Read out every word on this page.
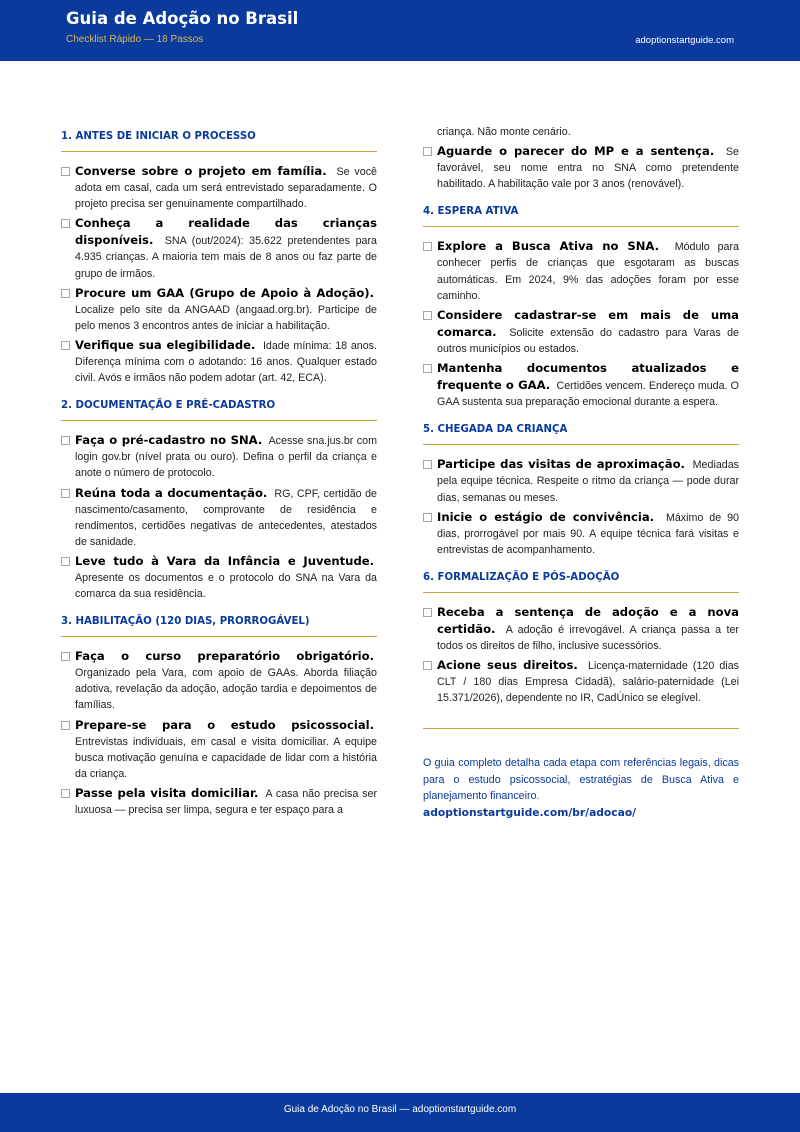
Guia de Adoção no Brasil
Checklist Rápido — 18 Passos	adoptionstartguide.com
1. ANTES DE INICIAR O PROCESSO
Converse sobre o projeto em família. Se você adota em casal, cada um será entrevistado separadamente. O projeto precisa ser genuinamente compartilhado.
Conheça a realidade das crianças disponíveis. SNA (out/2024): 35.622 pretendentes para 4.935 crianças. A maioria tem mais de 8 anos ou faz parte de grupo de irmãos.
Procure um GAA (Grupo de Apoio à Adoção).  Localize pelo site da ANGAAD (angaad.org.br). Participe de pelo menos 3 encontros antes de iniciar a habilitação.
Verifique sua elegibilidade. Idade mínima: 18 anos. Diferença mínima com o adotando: 16 anos. Qualquer estado civil. Avós e irmãos não podem adotar (art. 42, ECA).
2. DOCUMENTAÇÃO E PRÉ-CADASTRO
Faça o pré-cadastro no SNA. Acesse sna.jus.br com login gov.br (nível prata ou ouro). Defina o perfil da criança e anote o número de protocolo.
Reúna toda a documentação. RG, CPF, certidão de nascimento/casamento, comprovante de residência e rendimentos, certidões negativas de antecedentes, atestados de sanidade.
Leve tudo à Vara da Infância e Juventude.  Apresente os documentos e o protocolo do SNA na Vara da comarca da sua residência.
3. HABILITAÇÃO (120 DIAS, PRORROGÁVEL)
Faça o curso preparatório obrigatório.  Organizado pela Vara, com apoio de GAAs. Aborda filiação adotiva, revelação da adoção, adoção tardia e depoimentos de famílias.
Prepare-se para o estudo psicossocial.  Entrevistas individuais, em casal e visita domiciliar. A equipe busca motivação genuína e capacidade de lidar com a história da criança.
Passe pela visita domiciliar. A casa não precisa ser luxuosa — precisa ser limpa, segura e ter espaço para a
criança. Não monte cenário.
Aguarde o parecer do MP e a sentença. Se favorável, seu nome entra no SNA como pretendente habilitado. A habilitação vale por 3 anos (renovável).
4. ESPERA ATIVA
Explore a Busca Ativa no SNA. Módulo para conhecer perfis de crianças que esgotaram as buscas automáticas. Em 2024, 9% das adoções foram por esse caminho.
Considere cadastrar-se em mais de uma comarca. Solicite extensão do cadastro para Varas de outros municípios ou estados.
Mantenha documentos atualizados e frequente o GAA. Certidões vencem. Endereço muda. O GAA sustenta sua preparação emocional durante a espera.
5. CHEGADA DA CRIANÇA
Participe das visitas de aproximação. Mediadas pela equipe técnica. Respeite o ritmo da criança — pode durar dias, semanas ou meses.
Inicie o estágio de convivência. Máximo de 90 dias, prorrogável por mais 90. A equipe técnica fará visitas e entrevistas de acompanhamento.
6. FORMALIZAÇÃO E PÓS-ADOÇÃO
Receba a sentença de adoção e a nova certidão. A adoção é irrevogável. A criança passa a ter todos os direitos de filho, inclusive sucessórios.
Acione seus direitos. Licença-maternidade (120 dias CLT / 180 dias Empresa Cidadã), salário-paternidade (Lei 15.371/2026), dependente no IR, CadÚnico se elegível.
O guia completo detalha cada etapa com referências legais, dicas para o estudo psicossocial, estratégias de Busca Ativa e planejamento financeiro.
adoptionstartguide.com/br/adocao/
Guia de Adoção no Brasil — adoptionstartguide.com
